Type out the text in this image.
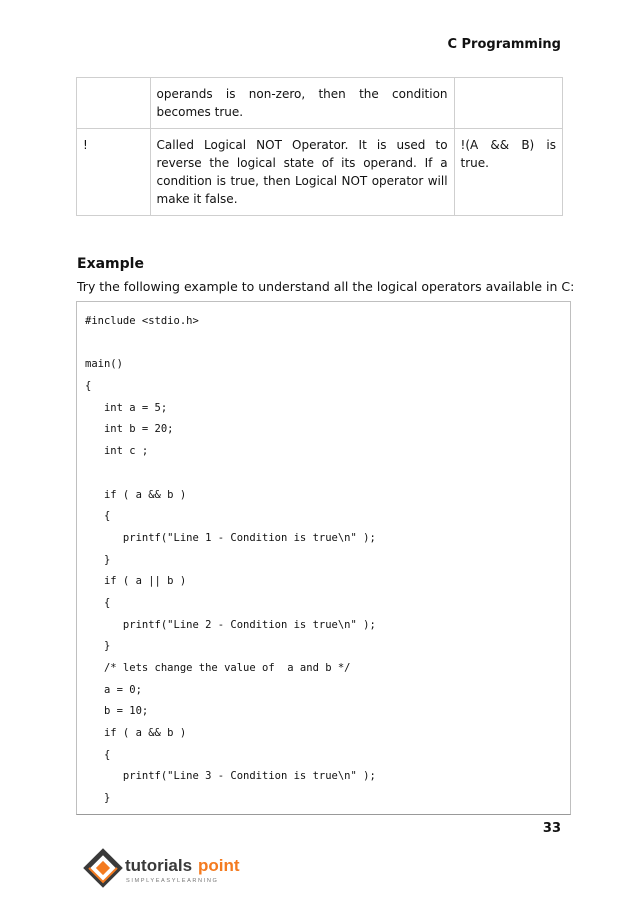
C Programming
	operands is non-zero, then the condition becomes true.	
!	Called Logical NOT Operator. It is used to reverse the logical state of its operand. If a condition is true, then Logical NOT operator will make it false.	!(A && B) is true.
Example
Try the following example to understand all the logical operators available in C:
#include <stdio.h>

main()
{
int a = 5;
int b = 20;
int c ;

if ( a && b )
{
printf("Line 1 - Condition is true\n" );
}
if ( a || b )
{
printf("Line 2 - Condition is true\n" );
}
/* lets change the value of  a and b */
a = 0;
b = 10;
if ( a && b )
{
printf("Line 3 - Condition is true\n" );
}
33
tutorials point
SIMPLYEASYLEARNING
